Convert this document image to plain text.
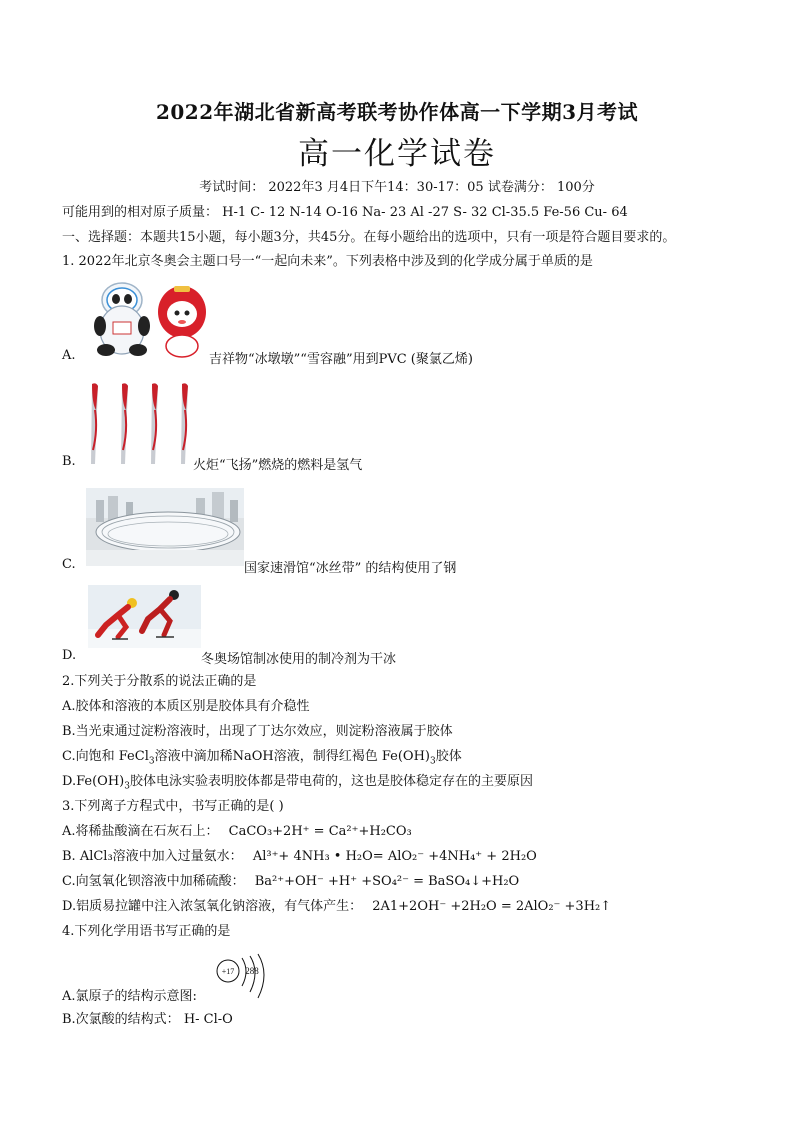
2022年湖北省新高考联考协作体高一下学期3月考试
高一化学试卷
考试时间： 2022年3 月4日下午14：30-17：05 试卷满分： 100分
可能用到的相对原子质量： H-1 C- 12 N-14 O-16 Na- 23 Al -27 S- 32 Cl-35.5 Fe-56 Cu- 64
一、选择题：本题共15小题，每小题3分，共45分。在每小题给出的选项中，只有一项是符合题目要求的。
1. 2022年北京冬奥会主题口号一“一起向未来”。下列表格中涉及到的化学成分属于单质的是
A.	吉祥物“冰墩墩”“雪容融”用到PVC (聚氯乙烯)
B.	火炬“飞扬”燃烧的燃料是氢气
C.	国家速滑馆“冰丝带” 的结构使用了钢
D.	冬奥场馆制冰使用的制冷剂为干冰
2.下列关于分散系的说法正确的是
A.胶体和溶液的本质区别是胶体具有介稳性
B.当光束通过淀粉溶液时，出现了丁达尔效应，则淀粉溶液属于胶体
C.向饱和 FeCl$_3$溶液中滴加稀NaOH溶液，制得红褐色 $Fe(OH)_3$胶体
$D.Fe(OH)_3$胶体电泳实验表明胶体都是带电荷的，这也是胶体稳定存在的主要原因
3.下列离子方程式中，书写正确的是( )
A.将稀盐酸滴在石灰石上： CaCO₃+2H⁺ = Ca²⁺+H₂CO₃
B. AlCl₃溶液中加入过量氨水： Al³⁺+ 4NH₃ • H₂O= AlO₂⁻ +4NH₄⁺ + 2H₂O
C.向氢氧化钡溶液中加稀硫酸： Ba²⁺+OH⁻ +H⁺ +SO₄²⁻ = BaSO₄↓+H₂O
D.铝质易拉罐中注入浓氢氧化钠溶液，有气体产生： 2A1+2OH⁻ +2H₂O = 2AlO₂⁻ +3H₂↑
4.下列化学用语书写正确的是
A.氯原子的结构示意图:
+17 288
B.次氯酸的结构式： H- Cl-O
